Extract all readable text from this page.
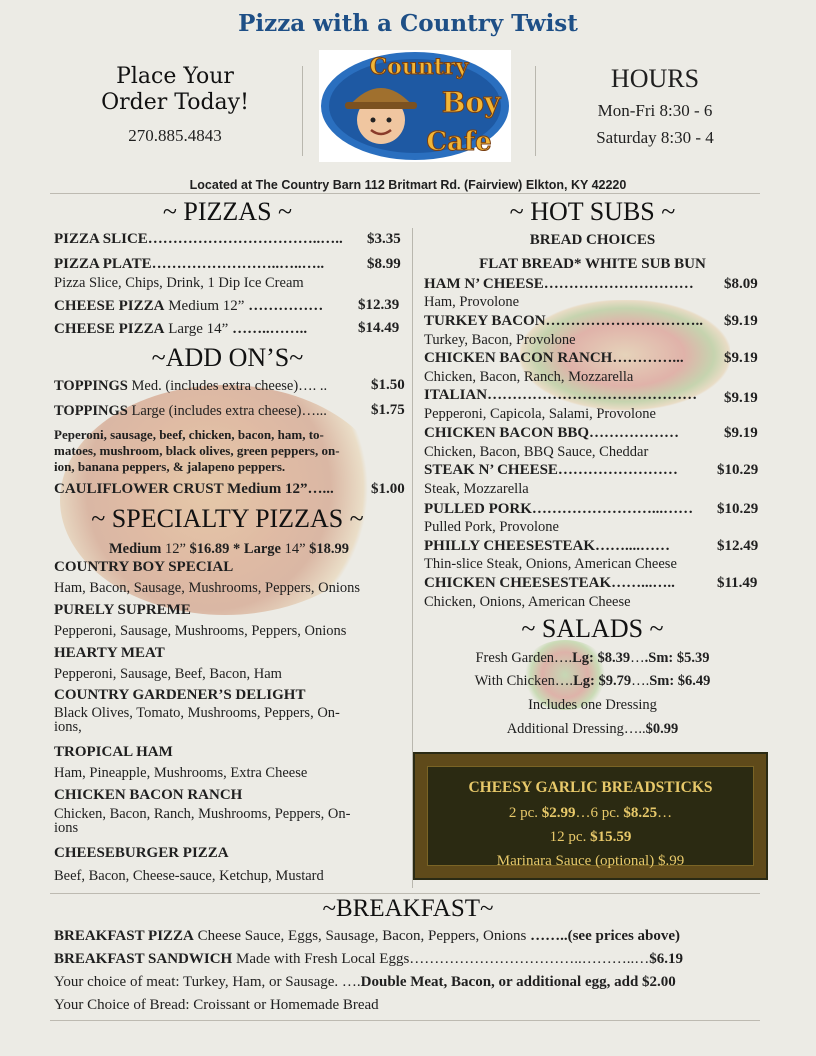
Pizza with a Country Twist
Place Your Order Today!
270.885.4843
Country
Boy
Cafe
HOURS
Mon-Fri 8:30 - 6
Saturday 8:30 - 4
Located at The Country Barn 112 Britmart Rd. (Fairview) Elkton, KY 42220
~ PIZZAS ~
PIZZA SLICE……………………………..….. $3.35
PIZZA PLATE……………………..…..…..	$8.99
Pizza Slice, Chips, Drink, 1 Dip Ice Cream
CHEESE PIZZA Medium 12” …………… $12.39
CHEESE PIZZA Large 14” ……..……..	$14.49
~ADD ON’S~
TOPPINGS Med. (includes extra cheese)…. ..	$1.50
TOPPINGS Large (includes extra cheese)…...	$1.75
Peperoni, sausage, beef, chicken, bacon, ham, to-
matoes, mushroom, black olives, green peppers, on-
ion, banana peppers, & jalapeno peppers.
CAULIFLOWER CRUST Medium 12”…... $1.00
~ SPECIALTY PIZZAS ~
Medium 12” $16.89 * Large 14” $18.99
COUNTRY BOY SPECIAL
Ham, Bacon, Sausage, Mushrooms, Peppers, Onions
PURELY SUPREME
Pepperoni, Sausage, Mushrooms, Peppers, Onions
HEARTY MEAT
Pepperoni, Sausage, Beef, Bacon, Ham
COUNTRY GARDENER’S DELIGHT
Black Olives, Tomato, Mushrooms, Peppers, On-
ions,
TROPICAL HAM
Ham, Pineapple, Mushrooms, Extra Cheese
CHICKEN BACON RANCH
Chicken, Bacon, Ranch, Mushrooms, Peppers, On-
ions
CHEESEBURGER PIZZA
Beef, Bacon, Cheese-sauce, Ketchup, Mustard
~ HOT SUBS ~
BREAD CHOICES
FLAT BREAD* WHITE SUB BUN
HAM N’ CHEESE………………………… $8.09
Ham, Provolone
TURKEY BACON………………………….. $9.19
Turkey, Bacon, Provolone
CHICKEN BACON RANCH…………...	$9.19
Chicken, Bacon, Ranch, Mozzarella
ITALIAN…………………………………… $9.19
Pepperoni, Capicola, Salami, Provolone
CHICKEN BACON BBQ………………	$9.19
Chicken, Bacon, BBQ Sauce, Cheddar
STEAK N’ CHEESE……………………	$10.29
Steak, Mozzarella
PULLED PORK……………………...…… $10.29
Pulled Pork, Provolone
PHILLY CHEESESTEAK……....……	$12.49
Thin-slice Steak, Onions, American Cheese
CHICKEN CHEESESTEAK……...…..	$11.49
Chicken, Onions, American Cheese
~ SALADS ~
Fresh Garden….Lg: $8.39….Sm: $5.39
With Chicken….Lg: $9.79….Sm: $6.49
Includes one Dressing
Additional Dressing…..$0.99
CHEESY GARLIC BREADSTICKS
2 pc. $2.99…6 pc. $8.25…
12 pc. $15.59
Marinara Sauce (optional) $.99
~BREAKFAST~
BREAKFAST PIZZA Cheese Sauce, Eggs, Sausage, Bacon, Peppers, Onions ……..(see prices above)
BREAKFAST SANDWICH Made with Fresh Local Eggs……………………………..………..…$6.19
Your choice of meat: Turkey, Ham, or Sausage. ….Double Meat, Bacon, or additional egg, add $2.00
Your Choice of Bread: Croissant or Homemade Bread
